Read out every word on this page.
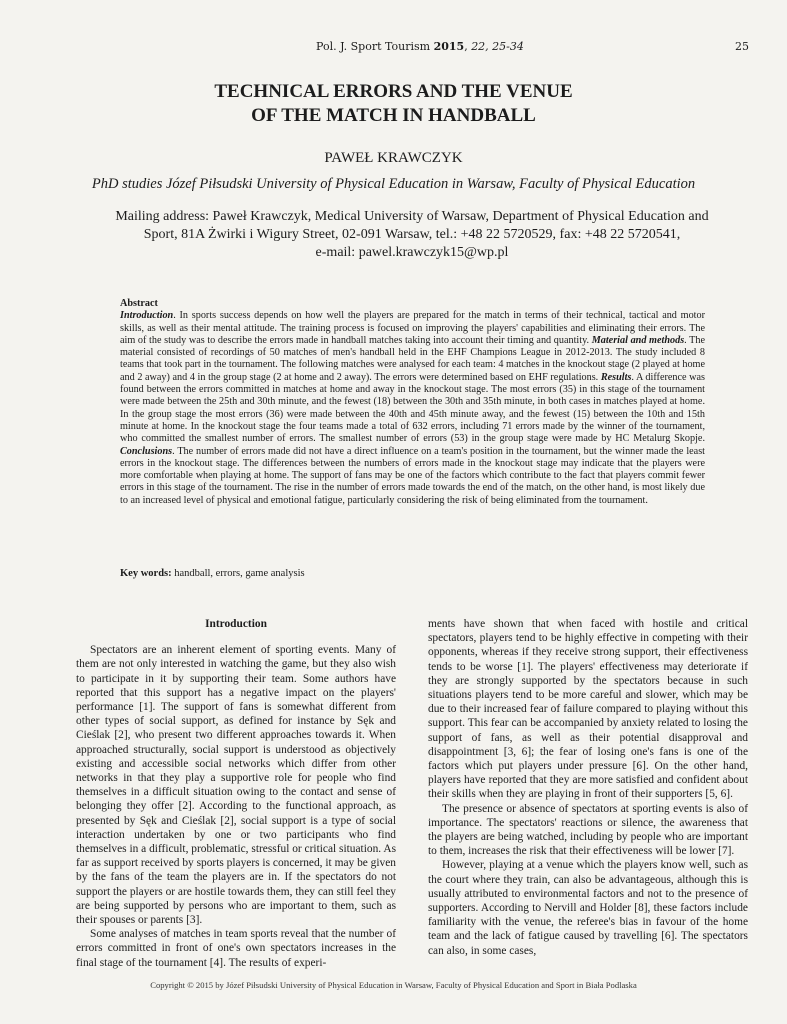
Pol. J. Sport Tourism 2015, 22, 25-34	25
TECHNICAL ERRORS AND THE VENUE
OF THE MATCH IN HANDBALL
PAWEŁ KRAWCZYK
PhD studies Józef Piłsudski University of Physical Education in Warsaw, Faculty of Physical Education
Mailing address: Paweł Krawczyk, Medical University of Warsaw, Department of Physical Education and
Sport, 81A Żwirki i Wigury Street, 02-091 Warsaw, tel.: +48 22 5720529, fax: +48 22 5720541,
e-mail: pawel.krawczyk15@wp.pl
Abstract
Introduction. In sports success depends on how well the players are prepared for the match in terms of their technical, tactical and motor skills, as well as their mental attitude. The training process is focused on improving the players' capabilities and eliminating their errors. The aim of the study was to describe the errors made in handball matches taking into account their timing and quantity. Material and methods. The material consisted of recordings of 50 matches of men's handball held in the EHF Champions League in 2012-2013. The study included 8 teams that took part in the tournament. The following matches were analysed for each team: 4 matches in the knockout stage (2 played at home and 2 away) and 4 in the group stage (2 at home and 2 away). The errors were determined based on EHF regulations. Results. A difference was found between the errors committed in matches at home and away in the knockout stage. The most errors (35) in this stage of the tournament were made between the 25th and 30th minute, and the fewest (18) between the 30th and 35th minute, in both cases in matches played at home. In the group stage the most errors (36) were made between the 40th and 45th minute away, and the fewest (15) between the 10th and 15th minute at home. In the knockout stage the four teams made a total of 632 errors, including 71 errors made by the winner of the tournament, who committed the smallest number of errors. The smallest number of errors (53) in the group stage were made by HC Metalurg Skopje. Conclusions. The number of errors made did not have a direct influence on a team's position in the tournament, but the winner made the least errors in the knockout stage. The differences between the numbers of errors made in the knockout stage may indicate that the players were more comfortable when playing at home. The support of fans may be one of the factors which contribute to the fact that players commit fewer errors in this stage of the tournament. The rise in the number of errors made towards the end of the match, on the other hand, is most likely due to an increased level of physical and emotional fatigue, particularly considering the risk of being eliminated from the tournament.
Key words: handball, errors, game analysis
Introduction

Spectators are an inherent element of sporting events. Many of them are not only interested in watching the game, but they also wish to participate in it by supporting their team. Some authors have reported that this support has a negative impact on the players' performance [1]. The support of fans is somewhat different from other types of social support, as defined for instance by Sęk and Cieślak [2], who present two different approaches towards it. When approached structurally, social support is understood as objectively existing and accessible social networks which differ from other networks in that they play a supportive role for people who find themselves in a difficult situation owing to the contact and sense of belonging they offer [2]. According to the functional approach, as presented by Sęk and Cieślak [2], social support is a type of social interaction undertaken by one or two participants who find themselves in a difficult, problematic, stressful or critical situation. As far as support received by sports players is concerned, it may be given by the fans of the team the players are in. If the spectators do not support the players or are hostile towards them, they can still feel they are being supported by persons who are important to them, such as their spouses or parents [3].

Some analyses of matches in team sports reveal that the number of errors committed in front of one's own spectators increases in the final stage of the tournament [4]. The results of experi-

ments have shown that when faced with hostile and critical spectators, players tend to be highly effective in competing with their opponents, whereas if they receive strong support, their effectiveness tends to be worse [1]. The players' effectiveness may deteriorate if they are strongly supported by the spectators because in such situations players tend to be more careful and slower, which may be due to their increased fear of failure compared to playing without this support. This fear can be accompanied by anxiety related to losing the support of fans, as well as their potential disapproval and disappointment [3, 6]; the fear of losing one's fans is one of the factors which put players under pressure [6]. On the other hand, players have reported that they are more satisfied and confident about their skills when they are playing in front of their supporters [5, 6].

The presence or absence of spectators at sporting events is also of importance. The spectators' reactions or silence, the awareness that the players are being watched, including by people who are important to them, increases the risk that their effectiveness will be lower [7].

However, playing at a venue which the players know well, such as the court where they train, can also be advantageous, although this is usually attributed to environmental factors and not to the presence of supporters. According to Nervill and Holder [8], these factors include familiarity with the venue, the referee's bias in favour of the home team and the lack of fatigue caused by travelling [6]. The spectators can also, in some cases,

Copyright © 2015 by Józef Piłsudski University of Physical Education in Warsaw, Faculty of Physical Education and Sport in Biała Podlaska
